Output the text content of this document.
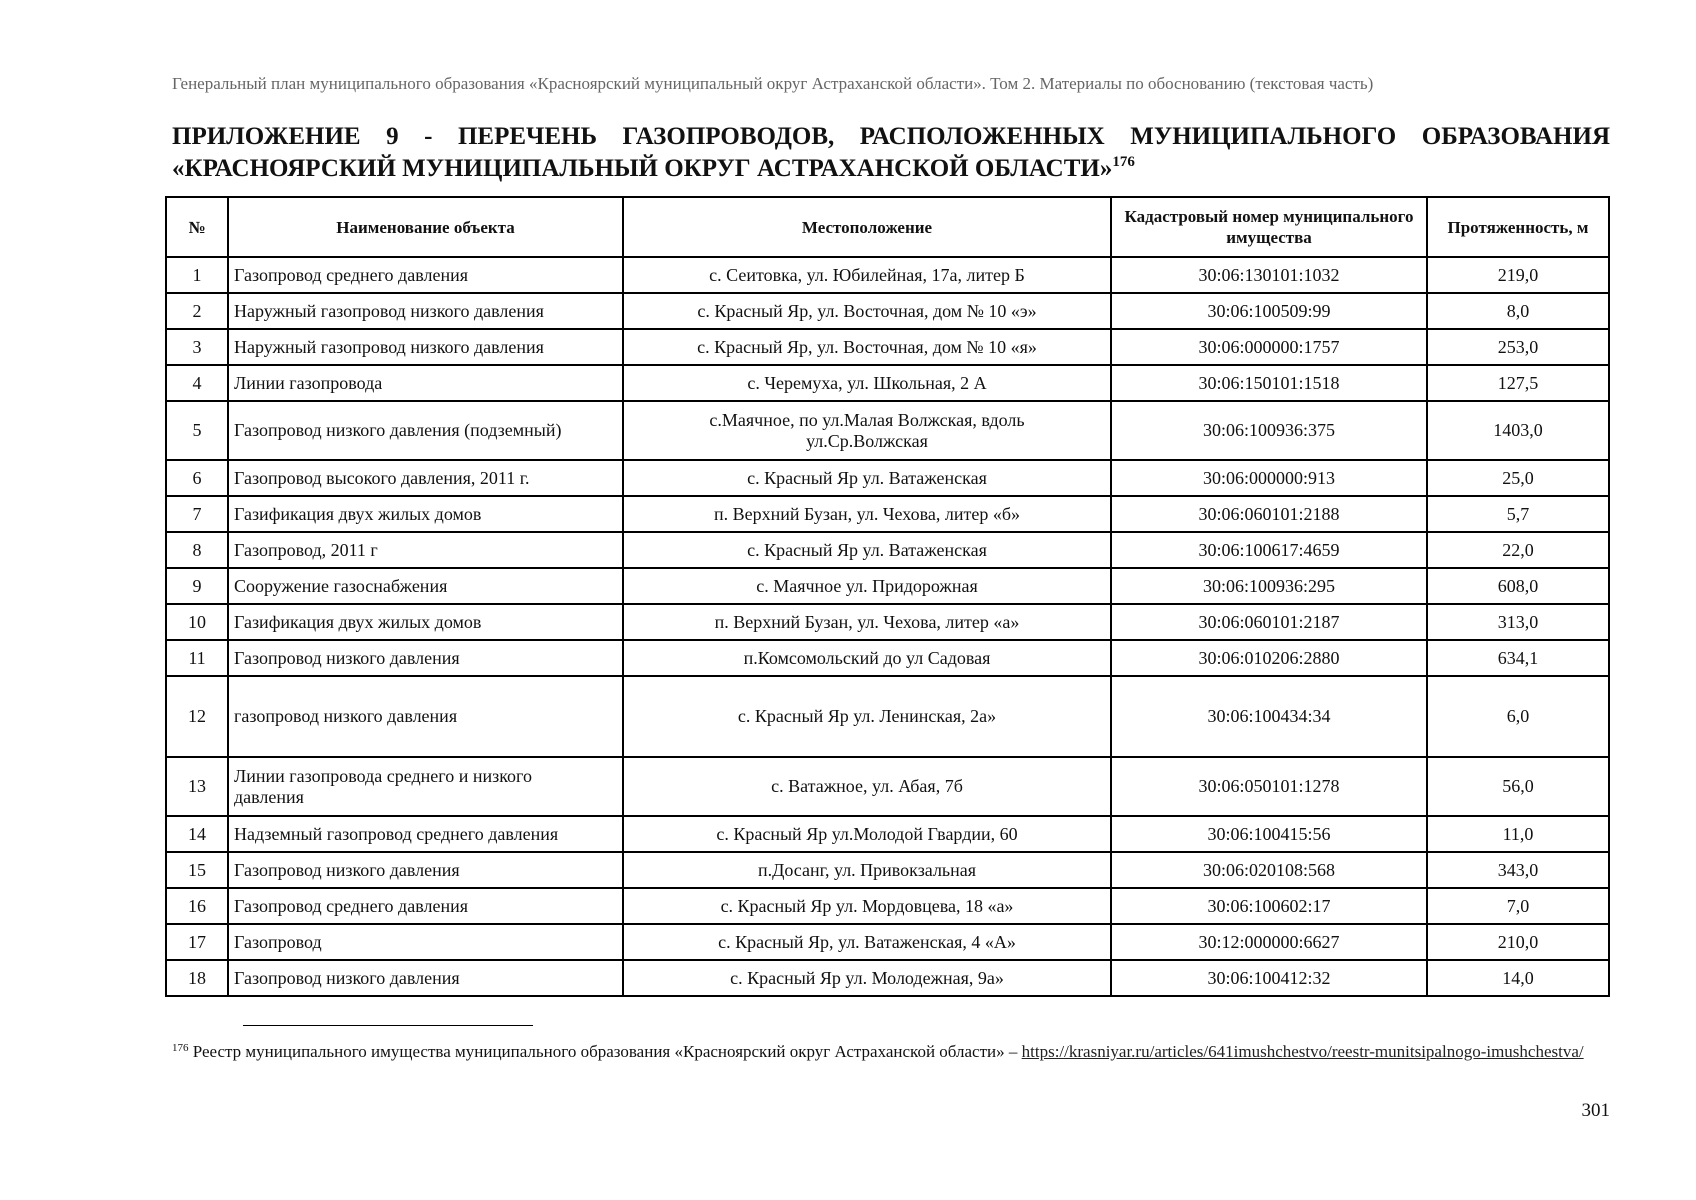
Генеральный план муниципального образования «Красноярский муниципальный округ Астраханской области». Том 2. Материалы по обоснованию (текстовая часть)
ПРИЛОЖЕНИЕ 9 - ПЕРЕЧЕНЬ ГАЗОПРОВОДОВ, РАСПОЛОЖЕННЫХ МУНИЦИПАЛЬНОГО ОБРАЗОВАНИЯ «КРАСНОЯРСКИЙ МУНИЦИПАЛЬНЫЙ ОКРУГ АСТРАХАНСКОЙ ОБЛАСТИ»$^{176}$
№	Наименование объекта	Местоположение	Кадастровый номер муниципального имущества	Протяженность, м
1	Газопровод среднего давления	с. Сеитовка, ул. Юбилейная, 17а, литер Б	30:06:130101:1032	219,0
2	Наружный газопровод низкого давления	с. Красный Яр, ул. Восточная, дом № 10 «э»	30:06:100509:99	8,0
3	Наружный газопровод низкого давления	с. Красный Яр, ул. Восточная, дом № 10 «я»	30:06:000000:1757	253,0
4	Линии газопровода	с. Черемуха, ул. Школьная, 2 А	30:06:150101:1518	127,5
5	Газопровод низкого давления (подземный)	с.Маячное, по ул.Малая Волжская, вдоль ул.Ср.Волжская	30:06:100936:375	1403,0
6	Газопровод высокого давления, 2011 г.	с. Красный Яр ул. Ватаженская	30:06:000000:913	25,0
7	Газификация двух жилых домов	п. Верхний Бузан, ул. Чехова, литер «б»	30:06:060101:2188	5,7
8	Газопровод, 2011 г	с. Красный Яр ул. Ватаженская	30:06:100617:4659	22,0
9	Сооружение газоснабжения	с. Маячное ул. Придорожная	30:06:100936:295	608,0
10	Газификация двух жилых домов	п. Верхний Бузан, ул. Чехова, литер «а»	30:06:060101:2187	313,0
11	Газопровод низкого давления	п.Комсомольский до ул Садовая	30:06:010206:2880	634,1
12	газопровод низкого давления	с. Красный Яр ул. Ленинская, 2а»	30:06:100434:34	6,0
13	Линии газопровода среднего и низкого давления	с. Ватажное, ул. Абая, 7б	30:06:050101:1278	56,0
14	Надземный газопровод среднего давления	с. Красный Яр ул.Молодой Гвардии, 60	30:06:100415:56	11,0
15	Газопровод низкого давления	п.Досанг, ул. Привокзальная	30:06:020108:568	343,0
16	Газопровод среднего давления	с. Красный Яр ул. Мордовцева, 18 «а»	30:06:100602:17	7,0
17	Газопровод	с. Красный Яр, ул. Ватаженская, 4 «А»	30:12:000000:6627	210,0
18	Газопровод низкого давления	с. Красный Яр ул. Молодежная, 9а»	30:06:100412:32	14,0
$^{176}$ Реестр муниципального имущества муниципального образования «Красноярский округ Астраханской области» – https://krasniyar.ru/articles/641imushchestvo/reestr-munitsipalnogo-imushchestva/
301
